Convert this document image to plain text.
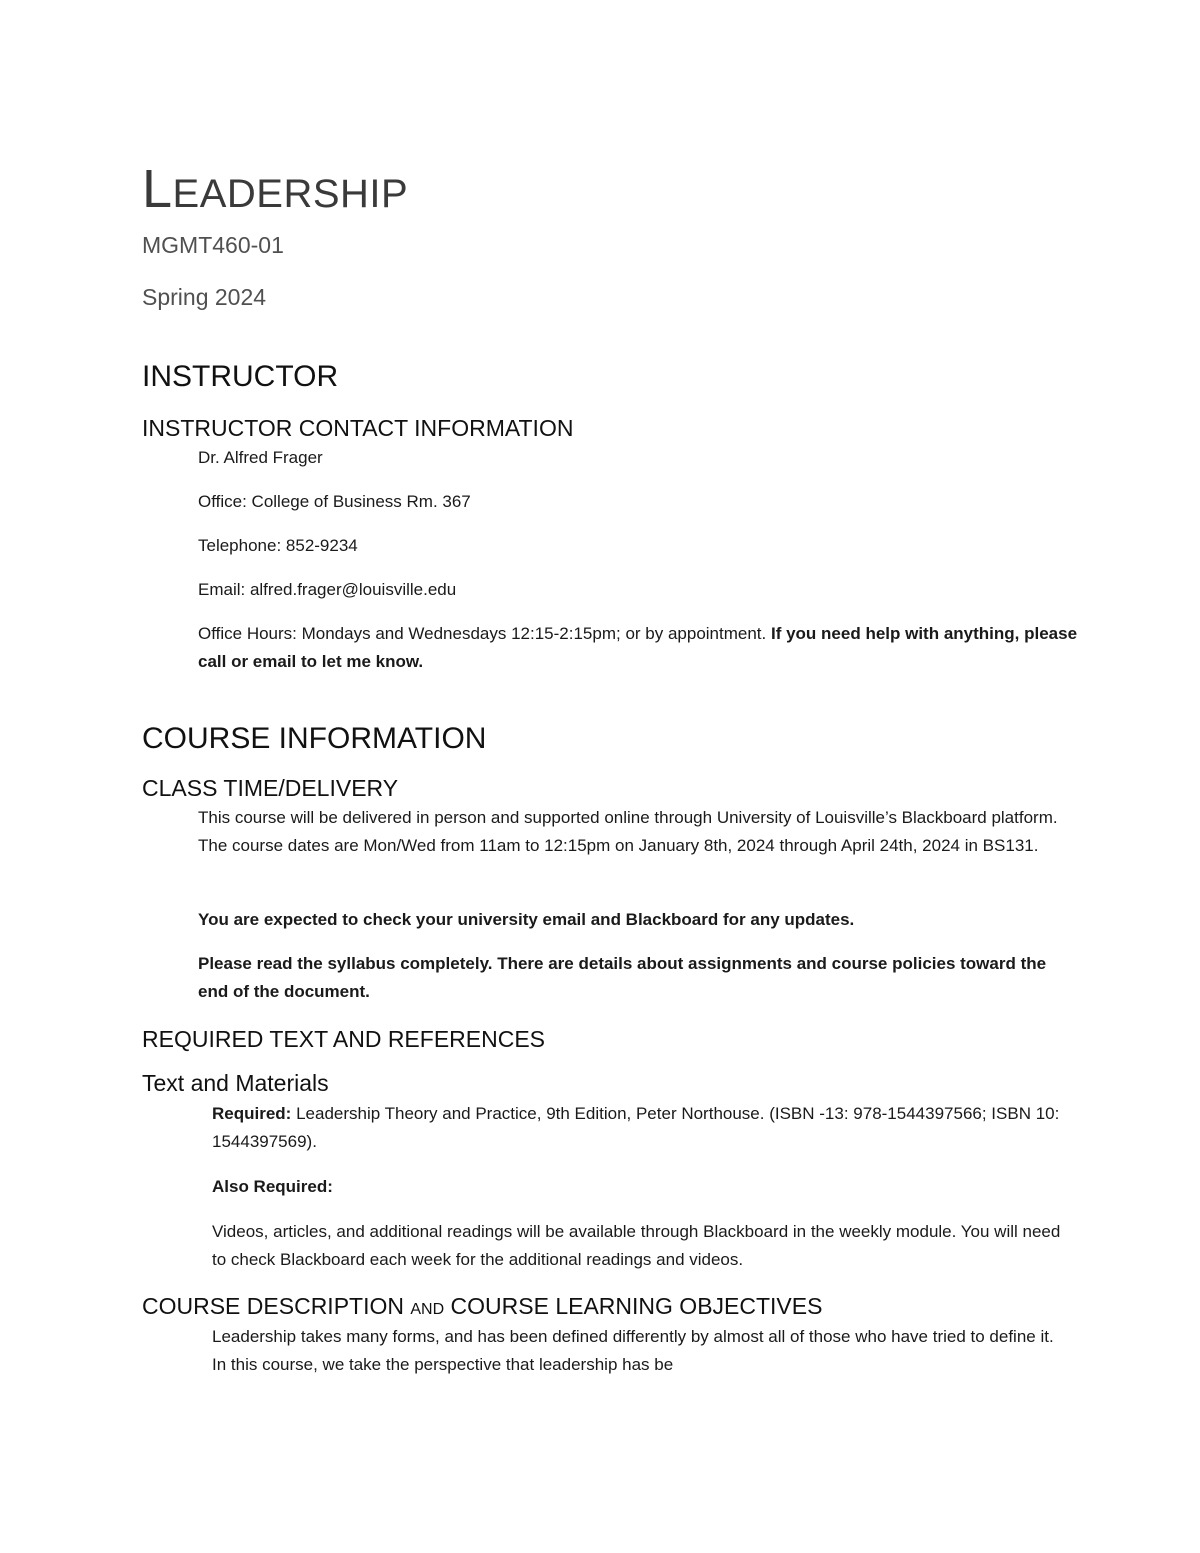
LEADERSHIP
MGMT460-01
Spring 2024
INSTRUCTOR
INSTRUCTOR CONTACT INFORMATION
Dr. Alfred Frager
Office: College of Business Rm. 367
Telephone: 852-9234
Email: alfred.frager@louisville.edu
Office Hours: Mondays and Wednesdays 12:15-2:15pm; or by appointment. If you need help with anything, please call or email to let me know.
COURSE INFORMATION
CLASS TIME/DELIVERY
This course will be delivered in person and supported online through University of Louisville’s Blackboard platform. The course dates are Mon/Wed from 11am to 12:15pm on January 8th, 2024 through April 24th, 2024 in BS131.
You are expected to check your university email and Blackboard for any updates.
Please read the syllabus completely. There are details about assignments and course policies toward the end of the document.
REQUIRED TEXT AND REFERENCES
Text and Materials
Required: Leadership Theory and Practice, 9th Edition, Peter Northouse. (ISBN -13: 978-1544397566; ISBN 10: 1544397569).
Also Required:
Videos, articles, and additional readings will be available through Blackboard in the weekly module. You will need to check Blackboard each week for the additional readings and videos.
COURSE DESCRIPTION AND COURSE LEARNING OBJECTIVES
Leadership takes many forms, and has been defined differently by almost all of those who have tried to define it. In this course, we take the perspective that leadership has be
